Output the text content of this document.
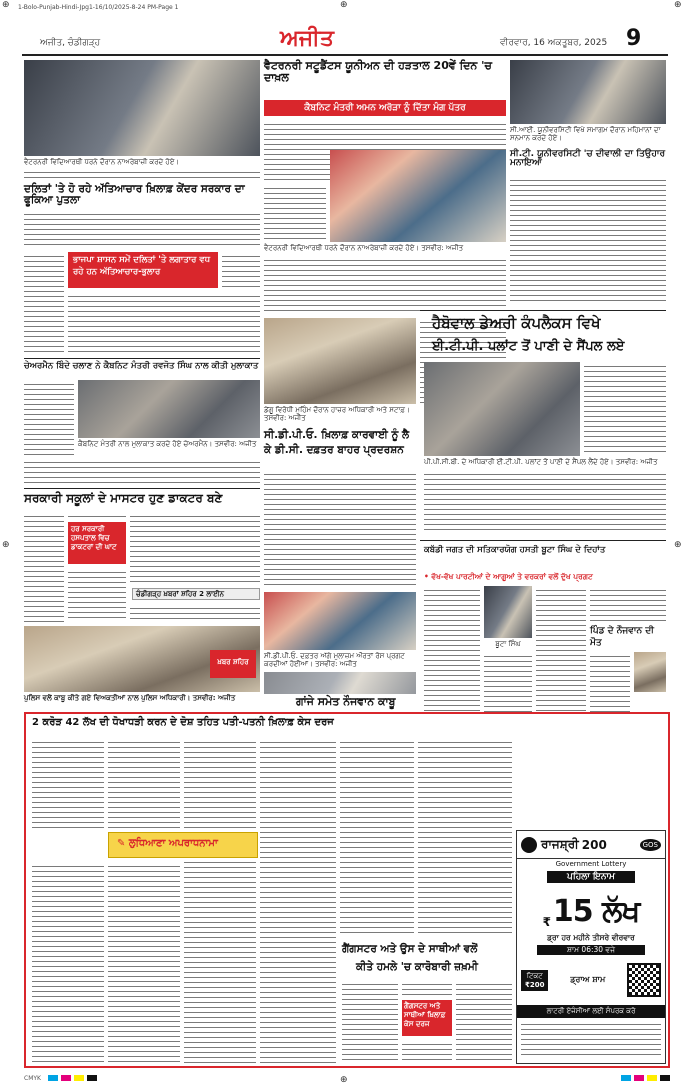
1-Bolo-Punjab-Hindi-Jpg1-16/10/2025-8-24 PM-Page 1
⊕	⊕	⊕
⊕	⊕
⊕
ਅਜੀਤ, ਚੰਡੀਗੜ੍ਹ	ਅਜੀਤ	ਵੀਰਵਾਰ, 16 ਅਕਤੂਬਰ, 2025 9
ਵੈਟਰਨਰੀ ਵਿਦਿਆਰਥੀ ਧਰਨੇ ਦੌਰਾਨ ਨਾਅਰੇਬਾਜ਼ੀ ਕਰਦੇ ਹੋਏ।
ਦਲਿਤਾਂ 'ਤੇ ਹੋ ਰਹੇ ਅੱਤਿਆਚਾਰ ਖ਼ਿਲਾਫ਼ ਕੇਂਦਰ ਸਰਕਾਰ ਦਾ ਫੂਕਿਆ ਪੁਤਲਾ
ਭਾਜਪਾ ਸ਼ਾਸਨ ਸਮੇਂ ਦਲਿਤਾਂ 'ਤੇ ਲਗਾਤਾਰ ਵਧ ਰਹੇ ਹਨ ਅੱਤਿਆਚਾਰ-ਭੁਲਾਰ
ਚੇਅਰਮੈਨ ਬਿੰਦੇ ਚਲਾਣ ਨੇ ਕੈਬਨਿਟ ਮੰਤਰੀ ਰਵਜੋਤ ਸਿੰਘ ਨਾਲ ਕੀਤੀ ਮੁਲਾਕਾਤ
ਕੈਬਨਿਟ ਮੰਤਰੀ ਨਾਲ ਮੁਲਾਕਾਤ ਕਰਦੇ ਹੋਏ ਚੇਅਰਮੈਨ। ਤਸਵੀਰ: ਅਜੀਤ
ਸਰਕਾਰੀ ਸਕੂਲਾਂ ਦੇ ਮਾਸਟਰ ਹੁਣ ਡਾਕਟਰ ਬਣੇ
ਹਰ ਸਰਕਾਰੀ ਹਸਪਤਾਲ ਵਿਚ ਡਾਕਟਰਾਂ ਦੀ ਘਾਟ
ਚੰਡੀਗੜ੍ਹ ਖ਼ਬਰਾਂ ਸ਼ਹਿਰ 2 ਲਾਈਨ
ਖ਼ਬਰ ਸ਼ਹਿਰ
ਪੁਲਿਸ ਵਲੋਂ ਕਾਬੂ ਕੀਤੇ ਗਏ ਵਿਅਕਤੀਆਂ ਨਾਲ ਪੁਲਿਸ ਅਧਿਕਾਰੀ। ਤਸਵੀਰ: ਅਜੀਤ
ਵੈਟਰਨਰੀ ਸਟੂਡੈਂਟਸ ਯੂਨੀਅਨ ਦੀ ਹੜਤਾਲ 20ਵੇਂ ਦਿਨ 'ਚ ਦਾਖ਼ਲ
ਕੈਬਨਿਟ ਮੰਤਰੀ ਅਮਨ ਅਰੋੜਾ ਨੂੰ ਦਿੱਤਾ ਮੰਗ ਪੱਤਰ
ਵੈਟਰਨਰੀ ਵਿਦਿਆਰਥੀ ਧਰਨੇ ਦੌਰਾਨ ਨਾਅਰੇਬਾਜ਼ੀ ਕਰਦੇ ਹੋਏ। ਤਸਵੀਰ: ਅਜੀਤ
ਡੇਂਗੂ ਵਿਰੋਧੀ ਮੁਹਿੰਮ ਦੌਰਾਨ ਹਾਜ਼ਰ ਅਧਿਕਾਰੀ ਅਤੇ ਸਟਾਫ਼। ਤਸਵੀਰ: ਅਜੀਤ
ਸੀ.ਡੀ.ਪੀ.ਓ. ਖ਼ਿਲਾਫ਼ ਕਾਰਵਾਈ ਨੂੰ ਲੈ ਕੇ ਡੀ.ਸੀ. ਦਫ਼ਤਰ ਬਾਹਰ ਪ੍ਰਦਰਸ਼ਨ
ਸੀ.ਡੀ.ਪੀ.ਓ. ਦਫ਼ਤਰ ਅੱਗੇ ਮੁਲਾਜ਼ਮ ਔਰਤਾਂ ਰੋਸ ਪ੍ਰਗਟ ਕਰਦੀਆਂ ਹੋਈਆਂ। ਤਸਵੀਰ: ਅਜੀਤ
ਗਾਂਜੇ ਸਮੇਤ ਨੌਜਵਾਨ ਕਾਬੂ
ਸੀ.ਆਈ. ਯੂਨੀਵਰਸਿਟੀ ਵਿਖੇ ਸਮਾਗਮ ਦੌਰਾਨ ਮਹਿਮਾਨਾਂ ਦਾ ਸਨਮਾਨ ਕਰਦੇ ਹੋਏ।
ਸੀ.ਟੀ. ਯੂਨੀਵਰਸਿਟੀ 'ਚ ਦੀਵਾਲੀ ਦਾ ਤਿਉਹਾਰ ਮਨਾਇਆ
ਹੈਬੋਵਾਲ ਡੇਅਰੀ ਕੰਪਲੈਕਸ ਵਿਖੇ
ਈ.ਟੀ.ਪੀ. ਪਲਾਂਟ ਤੋਂ ਪਾਣੀ ਦੇ ਸੈਂਪਲ ਲਏ
ਪੀ.ਪੀ.ਸੀ.ਬੀ. ਦੇ ਅਧਿਕਾਰੀ ਈ.ਟੀ.ਪੀ. ਪਲਾਂਟ ਤੋਂ ਪਾਣੀ ਦੇ ਸੈਂਪਲ ਲੈਂਦੇ ਹੋਏ। ਤਸਵੀਰ: ਅਜੀਤ
ਕਬੱਡੀ ਜਗਤ ਦੀ ਸਤਿਕਾਰਯੋਗ ਹਸਤੀ ਬੂਟਾ ਸਿੰਘ ਦੇ ਦਿਹਾਂਤ
• ਵੱਖ-ਵੱਖ ਪਾਰਟੀਆਂ ਦੇ ਆਗੂਆਂ ਤੇ ਵਰਕਰਾਂ ਵਲੋਂ ਦੁੱਖ ਪ੍ਰਗਟ
ਬੂਟਾ ਸਿੰਘ
ਪਿੰਡ ਦੇ ਨੌਜਵਾਨ ਦੀ ਮੌਤ
2 ਕਰੋੜ 42 ਲੱਖ ਦੀ ਧੋਖਾਧੜੀ ਕਰਨ ਦੇ ਦੋਸ਼ ਤਹਿਤ ਪਤੀ-ਪਤਨੀ ਖ਼ਿਲਾਫ਼ ਕੇਸ ਦਰਜ
✎ ਲੁਧਿਆਣਾ ਅਪਰਾਧਨਾਮਾ
ਗੈਂਗਸਟਰ ਅਤੇ ਉਸ ਦੇ ਸਾਥੀਆਂ ਵਲੋਂ
ਕੀਤੇ ਹਮਲੇ 'ਚ ਕਾਰੋਬਾਰੀ ਜ਼ਖ਼ਮੀ
ਗੈਂਗਸਟਰ ਅਤੇ ਸਾਥੀਆਂ ਖ਼ਿਲਾਫ਼ ਕੇਸ ਦਰਜ
ਰਾਜਸ਼੍ਰੀ 200	GOS
Government Lottery
ਪਹਿਲਾ ਇਨਾਮ
₹ 15 ਲੱਖ
ਡ੍ਰਾ ਹਰ ਮਹੀਨੇ ਤੀਸਰੇ ਵੀਰਵਾਰ
ਸ਼ਾਮ 06:30 ਵਜੇ
ਟਿਕਟ
₹200
ਡ੍ਰਾਅ ਸ਼ਾਮ
ਲਾਟਰੀ ਏਜੰਸੀਆਂ ਲਈ ਸੰਪਰਕ ਕਰੋ
CMYK
